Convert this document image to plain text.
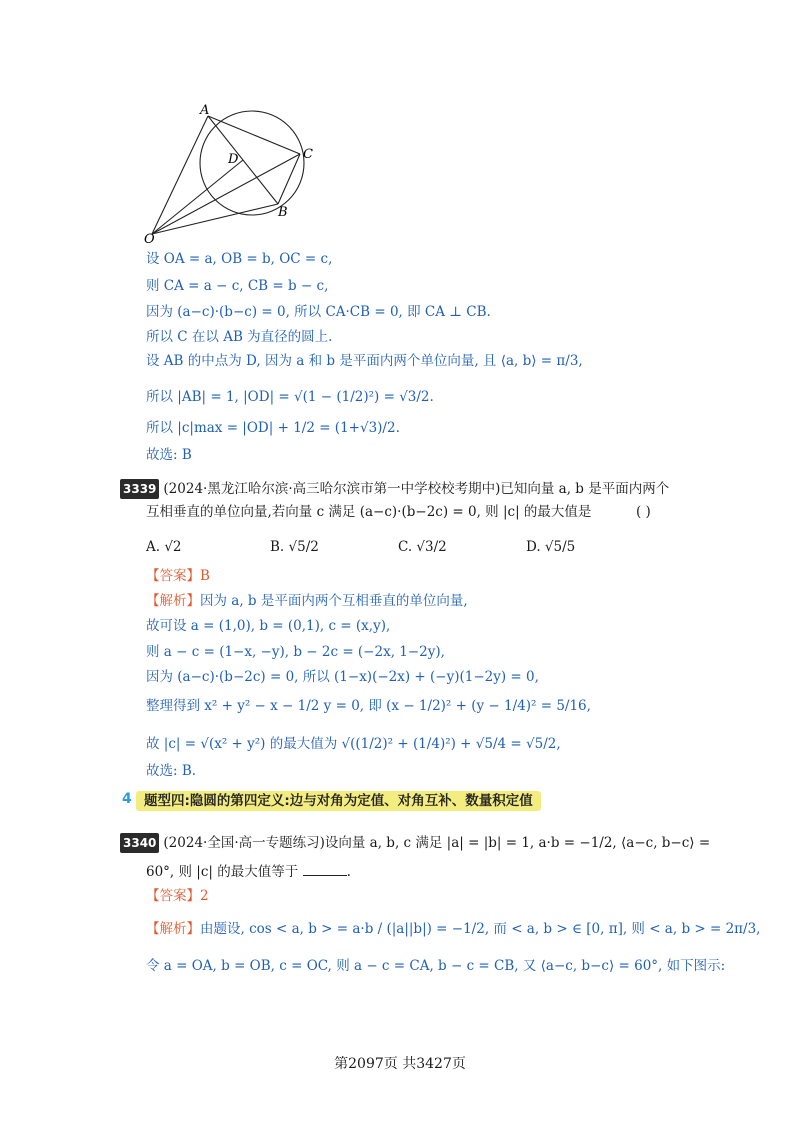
A
C
D
B
O
设 OA = a, OB = b, OC = c,
则 CA = a − c, CB = b − c,
因为 (a−c)·(b−c) = 0, 所以 CA·CB = 0, 即 CA ⊥ CB.
所以 C 在以 AB 为直径的圆上.
设 AB 的中点为 D, 因为 a 和 b 是平面内两个单位向量, 且 ⟨a, b⟩ = π/3,
所以 |AB| = 1, |OD| = √(1 − (1/2)²) = √3/2.
所以 |c|max = |OD| + 1/2 = (1+√3)/2.
故选: B
3339 (2024·黑龙江哈尔滨·高三哈尔滨市第一中学校校考期中)已知向量 a, b 是平面内两个
互相垂直的单位向量,若向量 c 满足 (a−c)·(b−2c) = 0, 则 |c| 的最大值是	( )
A. √2	B. √5/2	C. √3/2	D. √5/5
【答案】B
【解析】因为 a, b 是平面内两个互相垂直的单位向量,
故可设 a = (1,0), b = (0,1), c = (x,y),
则 a − c = (1−x, −y), b − 2c = (−2x, 1−2y),
因为 (a−c)·(b−2c) = 0, 所以 (1−x)(−2x) + (−y)(1−2y) = 0,
整理得到 x² + y² − x − 1/2 y = 0, 即 (x − 1/2)² + (y − 1/4)² = 5/16,
故 |c| = √(x² + y²) 的最大值为 √((1/2)² + (1/4)²) + √5/4 = √5/2,
故选: B.
4 题型四:隐圆的第四定义:边与对角为定值、对角互补、数量积定值
3340 (2024·全国·高一专题练习)设向量 a, b, c 满足 |a| = |b| = 1, a·b = −1/2, ⟨a−c, b−c⟩ =
60°, 则 |c| 的最大值等于	.
【答案】2
【解析】由题设, cos < a, b > = a·b / (|a||b|) = −1/2, 而 < a, b > ∈ [0, π], 则 < a, b > = 2π/3,
令 a = OA, b = OB, c = OC, 则 a − c = CA, b − c = CB, 又 ⟨a−c, b−c⟩ = 60°, 如下图示:
第2097页 共3427页
